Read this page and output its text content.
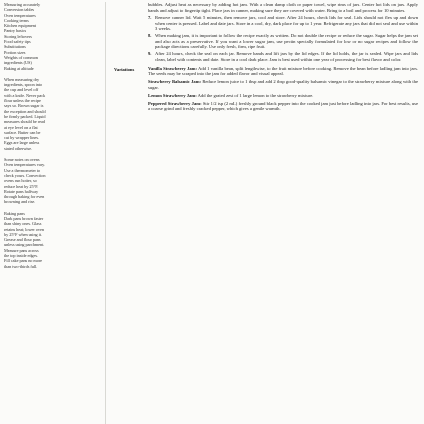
Measuring accurately
Conversion tables
Oven temperatures
Cooking terms
Kitchen equipment
Pantry basics
Storing leftovers
Food safety tips
Substitutions
Portion sizes
Weights of common
ingredients (US)
Baking at altitude
When measuring dry
ingredients, spoon into
the cup and level off
with a knife. Never pack
flour unless the recipe
says so. Brown sugar is
the exception and should
be firmly packed. Liquid
measures should be read
at eye level on a flat
surface. Butter can be
cut by wrapper lines.
Eggs are large unless
stated otherwise.
Some notes on ovens
Oven temperatures vary.
Use a thermometer to
check yours. Convection
ovens run hotter, so
reduce heat by 25°F.
Rotate pans halfway
through baking for even
browning and rise.
Baking pans
Dark pans brown faster
than shiny ones. Glass
retains heat; lower oven
by 25°F when using it.
Grease and flour pans
unless using parchment.
Measure pans across
the top inside edges.
Fill cake pans no more
than two-thirds full.

bubbles. Adjust heat as necessary by adding hot jam. With a clean damp cloth or paper towel, wipe rims of jars. Center hot lids on jars. Apply bands and adjust to fingertip tight. Place jars in canner, making sure they are covered with water. Bring to a boil and process for 10 minutes.

7. Remove canner lid. Wait 5 minutes, then remove jars, cool and store. After 24 hours, check lids for seal. Lids should not flex up and down when center is pressed. Label and date jars. Store in a cool, dry, dark place for up to 1 year. Refrigerate any jars that did not seal and use within 3 weeks.
8. When making jam, it is important to follow the recipe exactly as written. Do not double the recipe or reduce the sugar. Sugar helps the jam set and also acts as a preservative. If you want a lower sugar jam, use pectin specially formulated for low or no sugar recipes and follow the package directions carefully. Use only fresh, firm, ripe fruit.
9. After 24 hours, check the seal on each jar. Remove bands and lift jars by the lid edges. If the lid holds, the jar is sealed. Wipe jars and lids clean, label with contents and date. Store in a cool dark place. Jam is best used within one year of processing for best flavor and color.
Variations	Vanilla Strawberry Jam: Add 1 vanilla bean, split lengthwise, to the fruit mixture before cooking. Remove the bean before ladling jam into jars. The seeds may be scraped into the jam for added flavor and visual appeal.

Strawberry Balsamic Jam: Reduce lemon juice to 1 tbsp and add 2 tbsp good-quality balsamic vinegar to the strawberry mixture along with the sugar.

Lemon Strawberry Jam: Add the grated zest of 1 large lemon to the strawberry mixture.

Peppered Strawberry Jam: Stir 1/2 tsp (2 mL) freshly ground black pepper into the cooked jam just before ladling into jars. For best results, use a coarse grind and freshly cracked pepper, which gives a gentle warmth.
